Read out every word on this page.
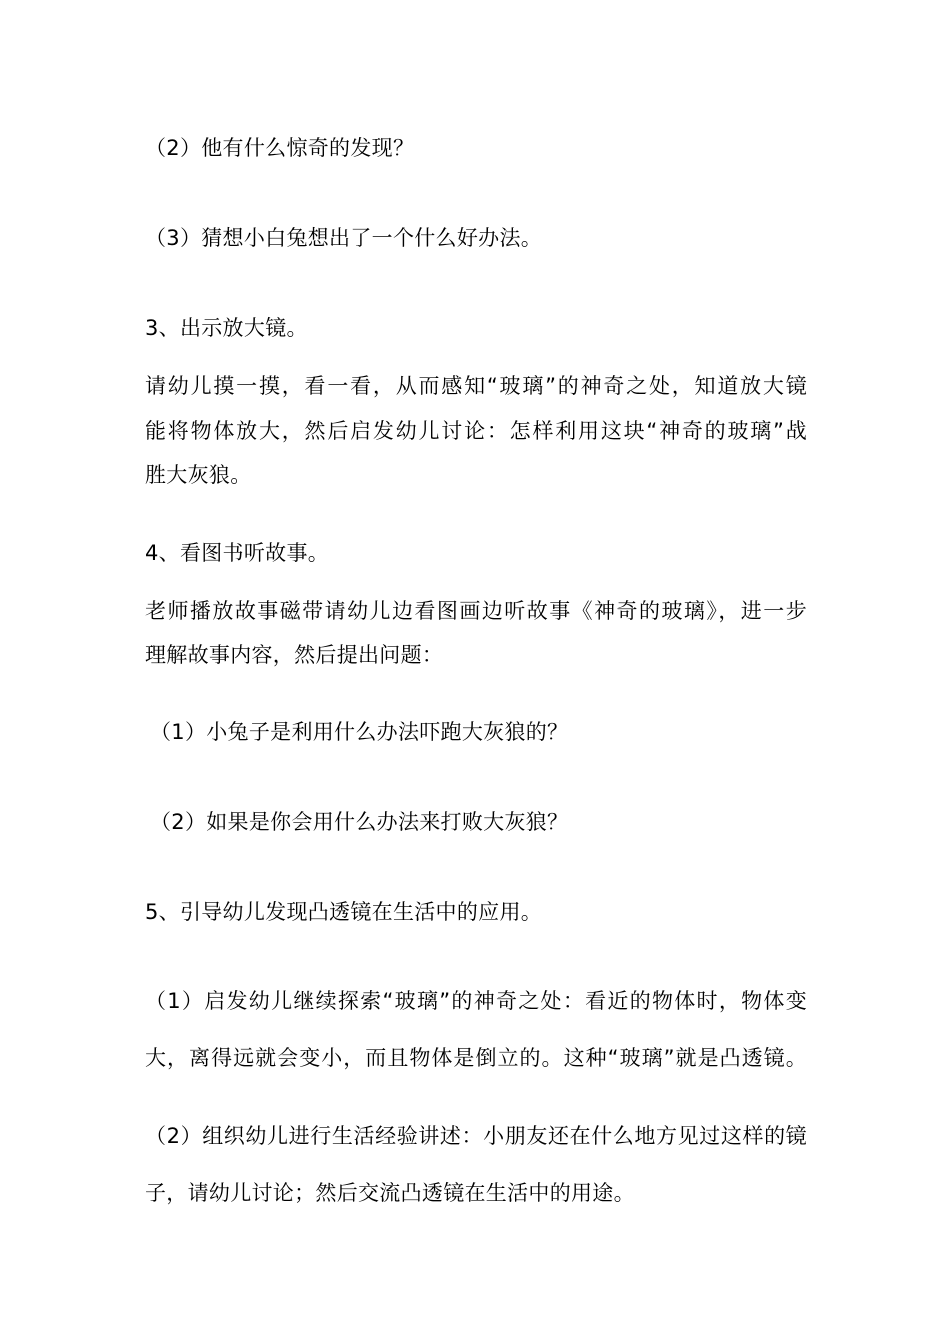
（2）他有什么惊奇的发现？
（3）猜想小白兔想出了一个什么好办法。
3、出示放大镜。
请幼儿摸一摸，看一看，从而感知“玻璃”的神奇之处，知道放大镜
能将物体放大，然后启发幼儿讨论：怎样利用这块“神奇的玻璃”战
胜大灰狼。
4、看图书听故事。
老师播放故事磁带请幼儿边看图画边听故事《神奇的玻璃》，进一步
理解故事内容，然后提出问题：
（1）小兔子是利用什么办法吓跑大灰狼的？
（2）如果是你会用什么办法来打败大灰狼？
5、引导幼儿发现凸透镜在生活中的应用。
（1）启发幼儿继续探索“玻璃”的神奇之处：看近的物体时，物体变
大，离得远就会变小，而且物体是倒立的。这种“玻璃”就是凸透镜。
（2）组织幼儿进行生活经验讲述：小朋友还在什么地方见过这样的镜
子，请幼儿讨论；然后交流凸透镜在生活中的用途。
